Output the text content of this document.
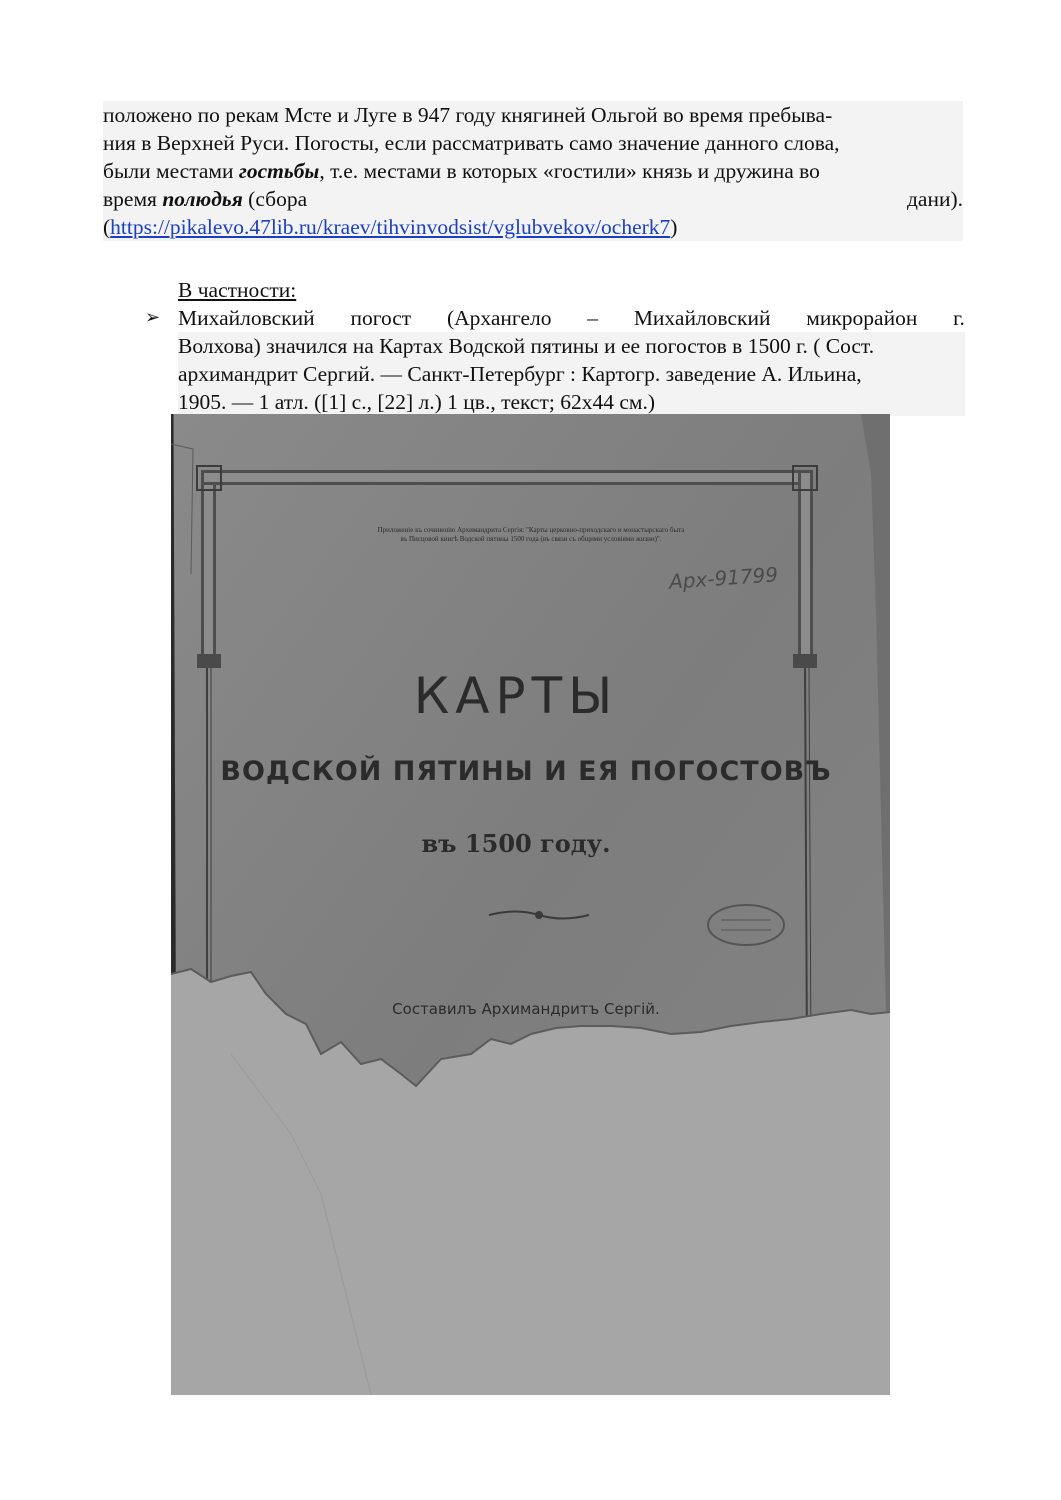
положено по рекам Мсте и Луге в 947 году княгиней Ольгой во время пребыва-
ния в Верхней Руси. Погосты, если рассматривать само значение данного слова,
были местами гостьбы, т.е. местами в которых «гостили» князь и дружина во
время полюдья (сбора	дани).
(https://pikalevo.47lib.ru/kraev/tihvinvodsist/vglubvekov/ocherk7)
В частности:
➢ Михайловский погост (Архангело – Михайловский микрорайон г.
Волхова) значился на Картах Водской пятины и ее погостов в 1500 г. ( Сост.
архимандрит Сергий. — Санкт-Петербург : Картогр. заведение А. Ильина,
1905. — 1 атл. ([1] с., [22] л.) 1 цв., текст; 62х44 см.)
Приложеніе къ сочиненію Архимандрита Сергія: "Карты церковно-приходскаго и монастырскаго быта
въ Писцовой книгѣ Водской пятины 1500 года (въ связи съ общими условіями жизни)".
Арх-91799
КАРТЫ
ВОДСКОЙ ПЯТИНЫ И ЕЯ ПОГОСТОВЪ
въ 1500 году.
Составилъ Архимандритъ Сергій.
